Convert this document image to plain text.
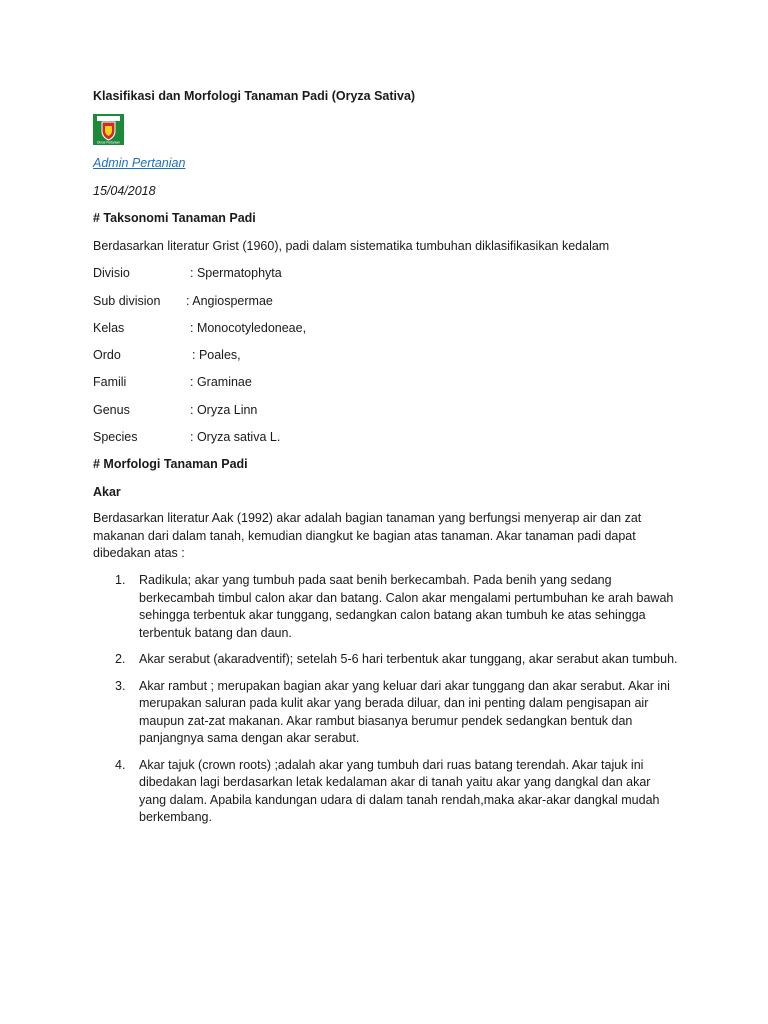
Klasifikasi dan Morfologi Tanaman Padi (Oryza Sativa)
Dinas Pertanian
Admin Pertanian
15/04/2018
# Taksonomi Tanaman Padi
Berdasarkan literatur Grist (1960), padi dalam sistematika tumbuhan diklasifikasikan kedalam
Divisio	: Spermatophyta
Sub division : Angiospermae
Kelas	: Monocotyledoneae,
Ordo	: Poales,
Famili	: Graminae
Genus	: Oryza Linn
Species	: Oryza sativa L.
# Morfologi Tanaman Padi
Akar
Berdasarkan literatur Aak (1992) akar adalah bagian tanaman yang berfungsi menyerap air dan zat makanan dari dalam tanah, kemudian diangkut ke bagian atas tanaman. Akar tanaman padi dapat dibedakan atas :
1. Radikula; akar yang tumbuh pada saat benih berkecambah. Pada benih yang sedang berkecambah timbul calon akar dan batang. Calon akar mengalami pertumbuhan ke arah bawah sehingga terbentuk akar tunggang, sedangkan calon batang akan tumbuh ke atas sehingga terbentuk batang dan daun.
2. Akar serabut (akaradventif); setelah 5-6 hari terbentuk akar tunggang, akar serabut akan tumbuh.
3. Akar rambut ; merupakan bagian akar yang keluar dari akar tunggang dan akar serabut. Akar ini merupakan saluran pada kulit akar yang berada diluar, dan ini penting dalam pengisapan air maupun zat-zat makanan. Akar rambut biasanya berumur pendek sedangkan bentuk dan panjangnya sama dengan akar serabut.
4. Akar tajuk (crown roots) ;adalah akar yang tumbuh dari ruas batang terendah. Akar tajuk ini dibedakan lagi berdasarkan letak kedalaman akar di tanah yaitu akar yang dangkal dan akar yang dalam. Apabila kandungan udara di dalam tanah rendah,maka akar-akar dangkal mudah berkembang.
